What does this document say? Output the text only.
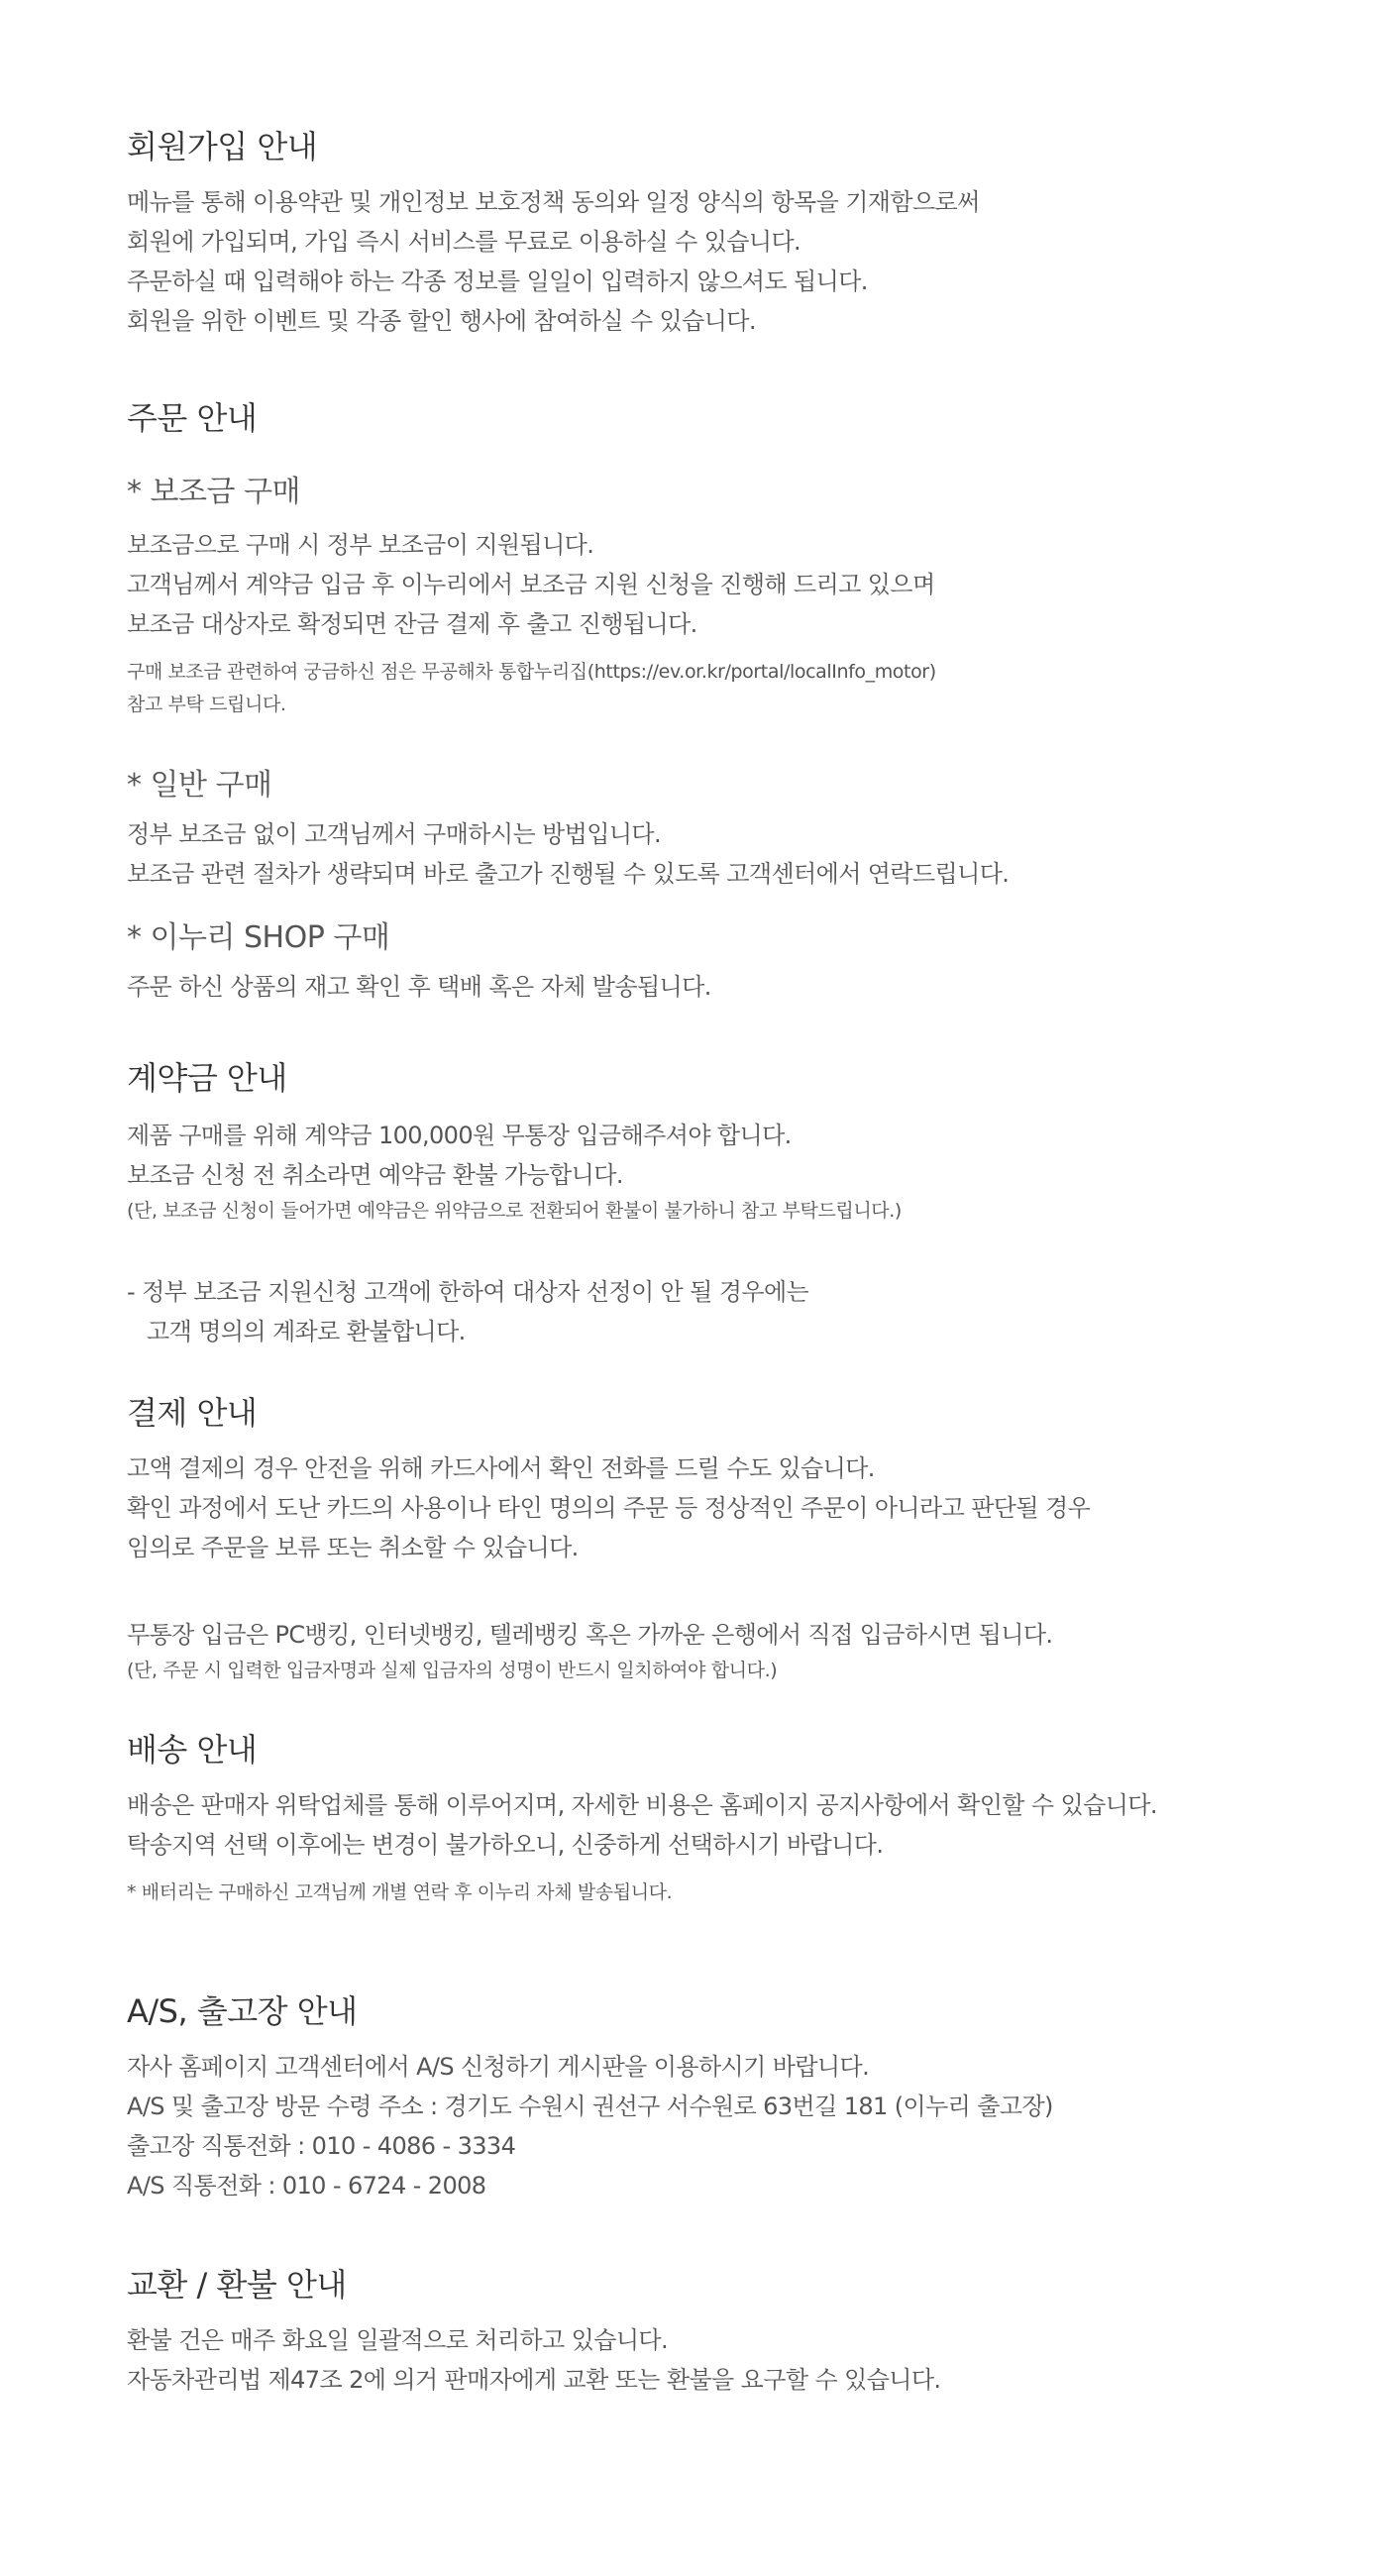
회원가입 안내

메뉴를 통해 이용약관 및 개인정보 보호정책 동의와 일정 양식의 항목을 기재함으로써

회원에 가입되며, 가입 즉시 서비스를 무료로 이용하실 수 있습니다.

주문하실 때 입력해야 하는 각종 정보를 일일이 입력하지 않으셔도 됩니다.

회원을 위한 이벤트 및 각종 할인 행사에 참여하실 수 있습니다.

주문 안내
* 보조금 구매

보조금으로 구매 시 정부 보조금이 지원됩니다.

고객님께서 계약금 입금 후 이누리에서 보조금 지원 신청을 진행해 드리고 있으며

보조금 대상자로 확정되면 잔금 결제 후 출고 진행됩니다.

구매 보조금 관련하여 궁금하신 점은 무공해차 통합누리집(https://ev.or.kr/portal/localInfo_motor)

참고 부탁 드립니다.

* 일반 구매

정부 보조금 없이 고객님께서 구매하시는 방법입니다.

보조금 관련 절차가 생략되며 바로 출고가 진행될 수 있도록 고객센터에서 연락드립니다.

* 이누리 SHOP 구매

주문 하신 상품의 재고 확인 후 택배 혹은 자체 발송됩니다.

계약금 안내

제품 구매를 위해 계약금 100,000원 무통장 입금해주셔야 합니다.

보조금 신청 전 취소라면 예약금 환불 가능합니다.

(단, 보조금 신청이 들어가면 예약금은 위약금으로 전환되어 환불이 불가하니 참고 부탁드립니다.)

- 정부 보조금 지원신청 고객에 한하여 대상자 선정이 안 될 경우에는

고객 명의의 계좌로 환불합니다.

결제 안내

고액 결제의 경우 안전을 위해 카드사에서 확인 전화를 드릴 수도 있습니다.

확인 과정에서 도난 카드의 사용이나 타인 명의의 주문 등 정상적인 주문이 아니라고 판단될 경우

임의로 주문을 보류 또는 취소할 수 있습니다.

무통장 입금은 PC뱅킹, 인터넷뱅킹, 텔레뱅킹 혹은 가까운 은행에서 직접 입금하시면 됩니다.

(단, 주문 시 입력한 입금자명과 실제 입금자의 성명이 반드시 일치하여야 합니다.)

배송 안내

배송은 판매자 위탁업체를 통해 이루어지며, 자세한 비용은 홈페이지 공지사항에서 확인할 수 있습니다.

탁송지역 선택 이후에는 변경이 불가하오니, 신중하게 선택하시기 바랍니다.

* 배터리는 구매하신 고객님께 개별 연락 후 이누리 자체 발송됩니다.

A/S, 출고장 안내

자사 홈페이지 고객센터에서 A/S 신청하기 게시판을 이용하시기 바랍니다.

A/S 및 출고장 방문 수령 주소 : 경기도 수원시 권선구 서수원로 63번길 181 (이누리 출고장)

출고장 직통전화 : 010 - 4086 - 3334

A/S 직통전화 : 010 - 6724 - 2008

교환 / 환불 안내

환불 건은 매주 화요일 일괄적으로 처리하고 있습니다.

자동차관리법 제47조 2에 의거 판매자에게 교환 또는 환불을 요구할 수 있습니다.
